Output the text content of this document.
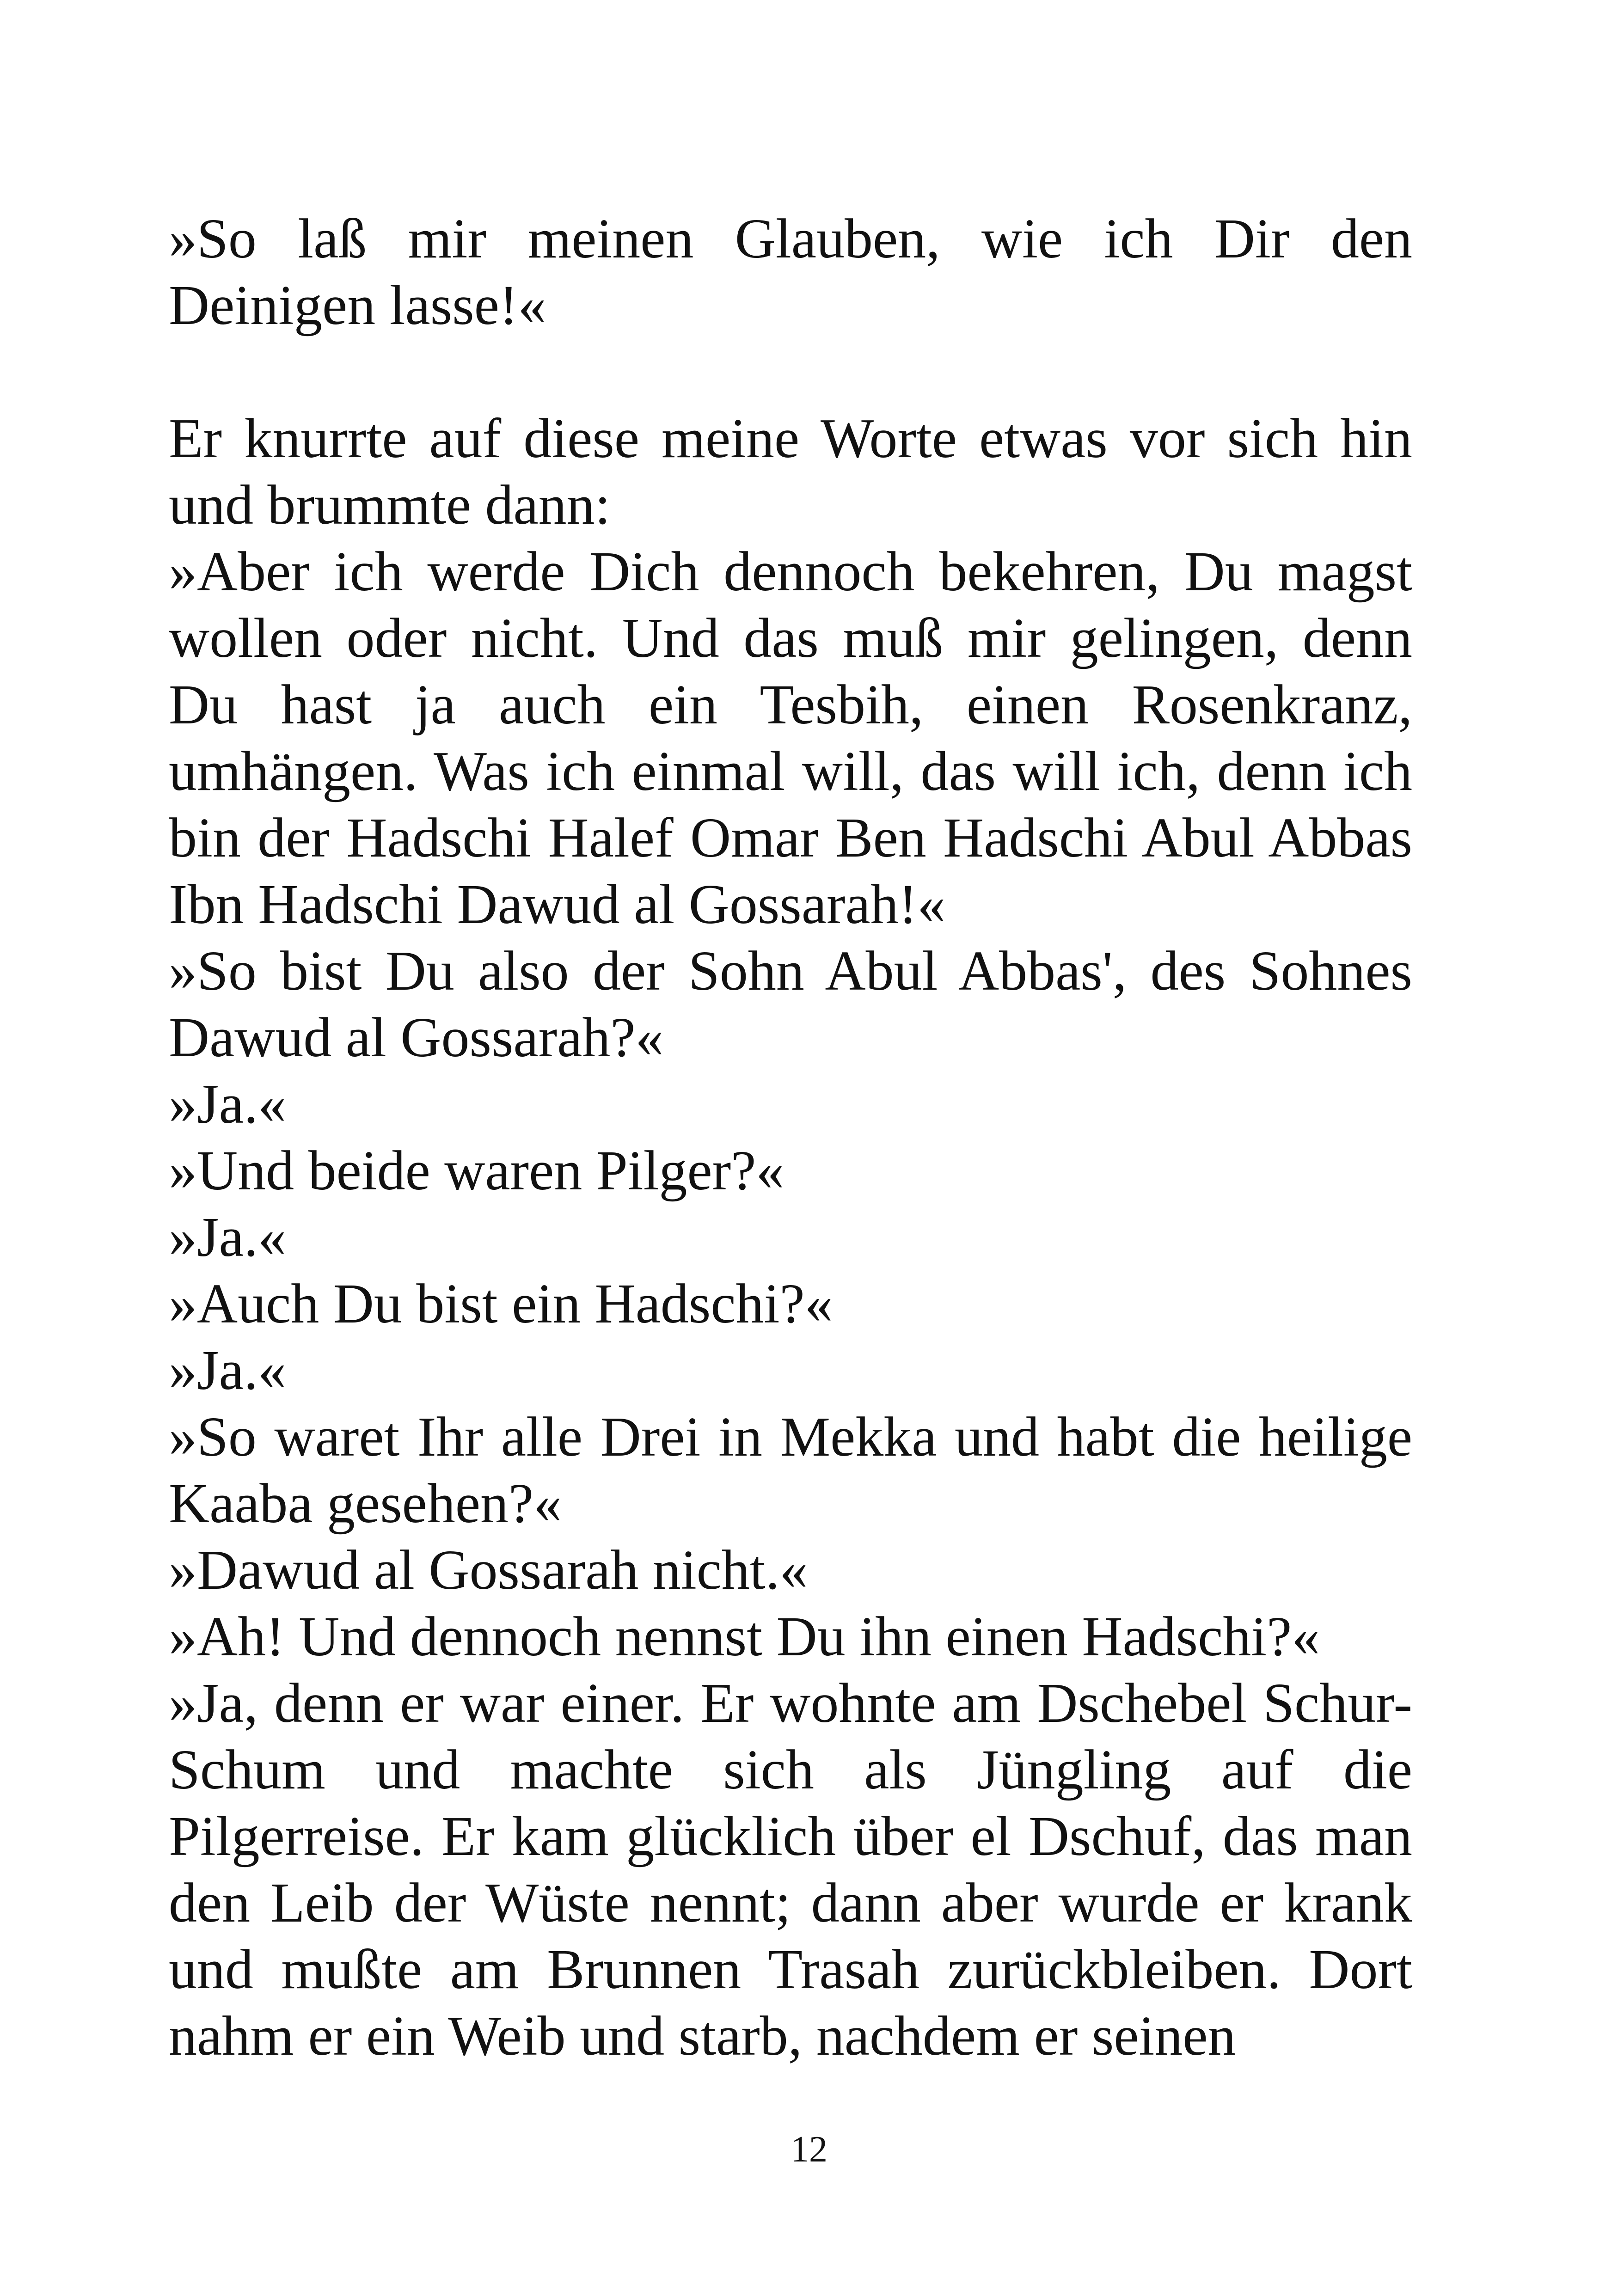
»So laß mir meinen Glauben, wie ich Dir den Deinigen lasse!«

Er knurrte auf diese meine Worte etwas vor sich hin und brummte dann:

»Aber ich werde Dich dennoch bekehren, Du magst wollen oder nicht. Und das muß mir gelingen, denn Du hast ja auch ein Tesbih, einen Rosenkranz, umhängen. Was ich einmal will, das will ich, denn ich bin der Hadschi Halef Omar Ben Hadschi Abul Abbas Ibn Hadschi Dawud al Gossarah!«

»So bist Du also der Sohn Abul Abbas', des Sohnes Dawud al Gossarah?«

»Ja.«

»Und beide waren Pilger?«

»Ja.«

»Auch Du bist ein Hadschi?«

»Ja.«

»So waret Ihr alle Drei in Mekka und habt die heilige Kaaba gesehen?«

»Dawud al Gossarah nicht.«

»Ah! Und dennoch nennst Du ihn einen Hadschi?«

»Ja, denn er war einer. Er wohnte am Dschebel Schur-Schum und machte sich als Jüngling auf die Pilgerreise. Er kam glücklich über el Dschuf, das man den Leib der Wüste nennt; dann aber wurde er krank und mußte am Brunnen Trasah zurückbleiben. Dort nahm er ein Weib und starb, nachdem er seinen

12
